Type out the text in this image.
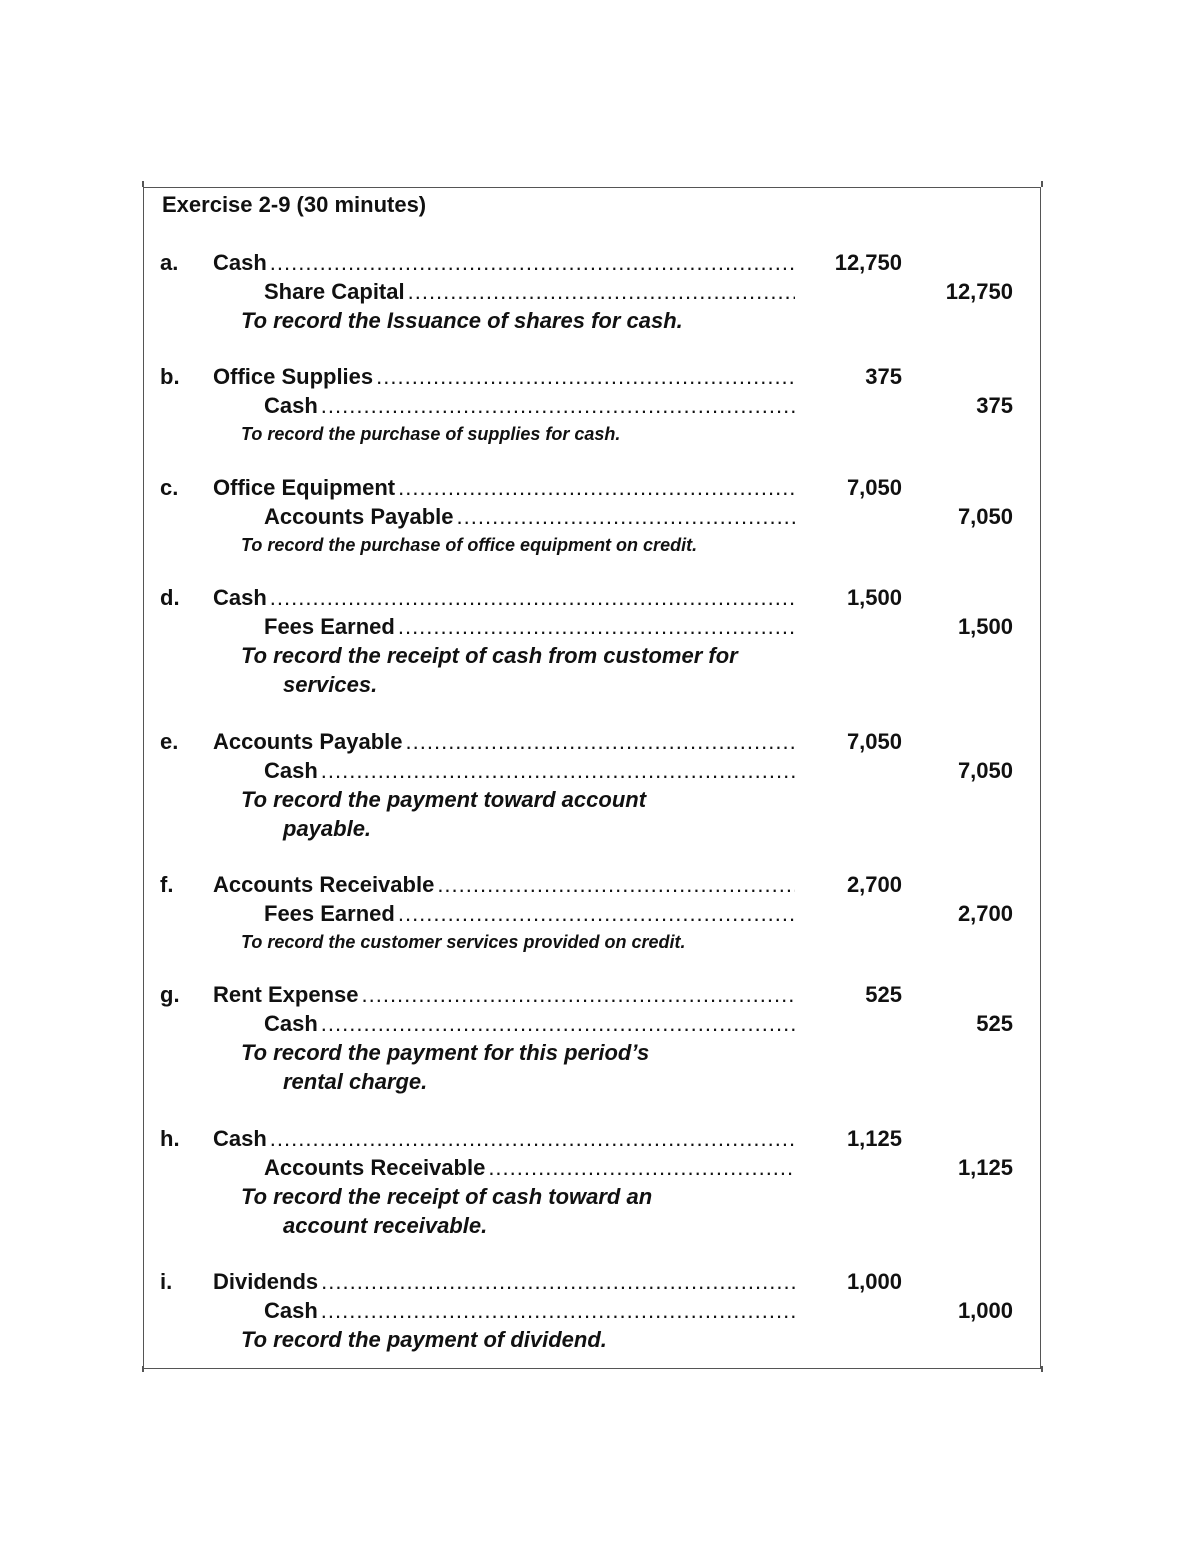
Exercise 2-9 (30 minutes)
a. Cash .....	12,750
Share Capital .....	12,750
To record the Issuance of shares for cash.
b. Office Supplies .....	375
Cash .....	375
To record the purchase of supplies for cash.
c. Office Equipment .....	7,050
Accounts Payable .....	7,050
To record the purchase of office equipment on credit.
d. Cash .....	1,500
Fees Earned .....	1,500
To record the receipt of cash from customer for
services.
e. Accounts Payable .....	7,050
Cash .....	7,050
To record the payment toward account
payable.
f. Accounts Receivable .....	2,700
Fees Earned .....	2,700
To record the customer services provided on credit.
g. Rent Expense .....	525
Cash .....	525
To record the payment for this period’s
rental charge.
h. Cash .....	1,125
Accounts Receivable .....	1,125
To record the receipt of cash toward an
account receivable.
i. Dividends .....	1,000
Cash .....	1,000
To record the payment of dividend.
